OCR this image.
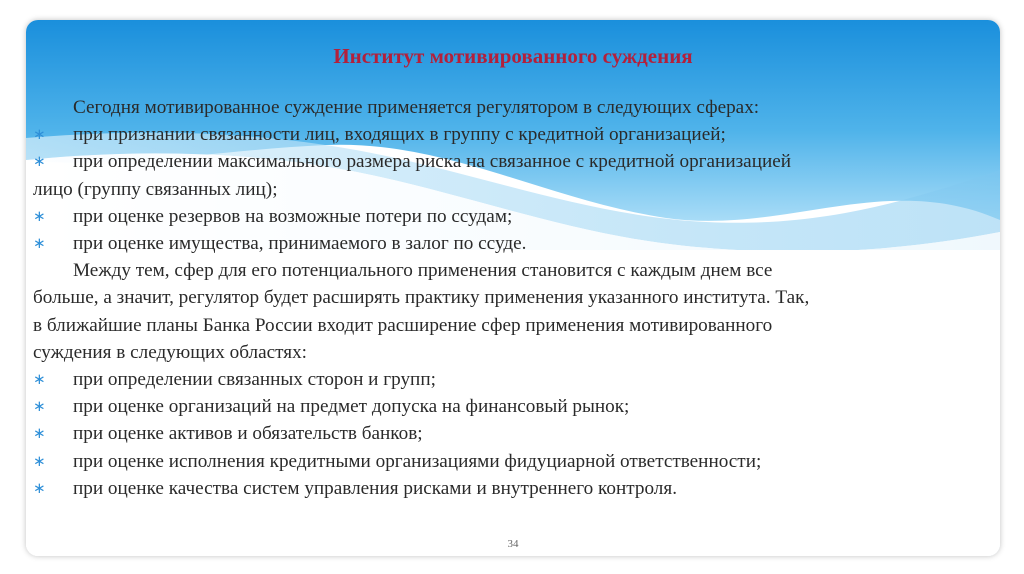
Институт мотивированного суждения
Сегодня мотивированное суждение применяется регулятором в следующих сферах:
∗ при признании связанности лиц, входящих в группу с кредитной организацией;
∗ при определении максимального размера риска на связанное с кредитной организацией
лицо (группу связанных лиц);
∗ при оценке резервов на возможные потери по ссудам;
∗ при оценке имущества, принимаемого в залог по ссуде.
Между тем, сфер для его потенциального применения становится с каждым днем все
больше, а значит, регулятор будет расширять практику применения указанного института. Так,
в ближайшие планы Банка России входит расширение сфер применения мотивированного
суждения в следующих областях:
∗ при определении связанных сторон и групп;
∗ при оценке организаций на предмет допуска на финансовый рынок;
∗ при оценке активов и обязательств банков;
∗ при оценке исполнения кредитными организациями фидуциарной ответственности;
∗ при оценке качества систем управления рисками и внутреннего контроля.
34
